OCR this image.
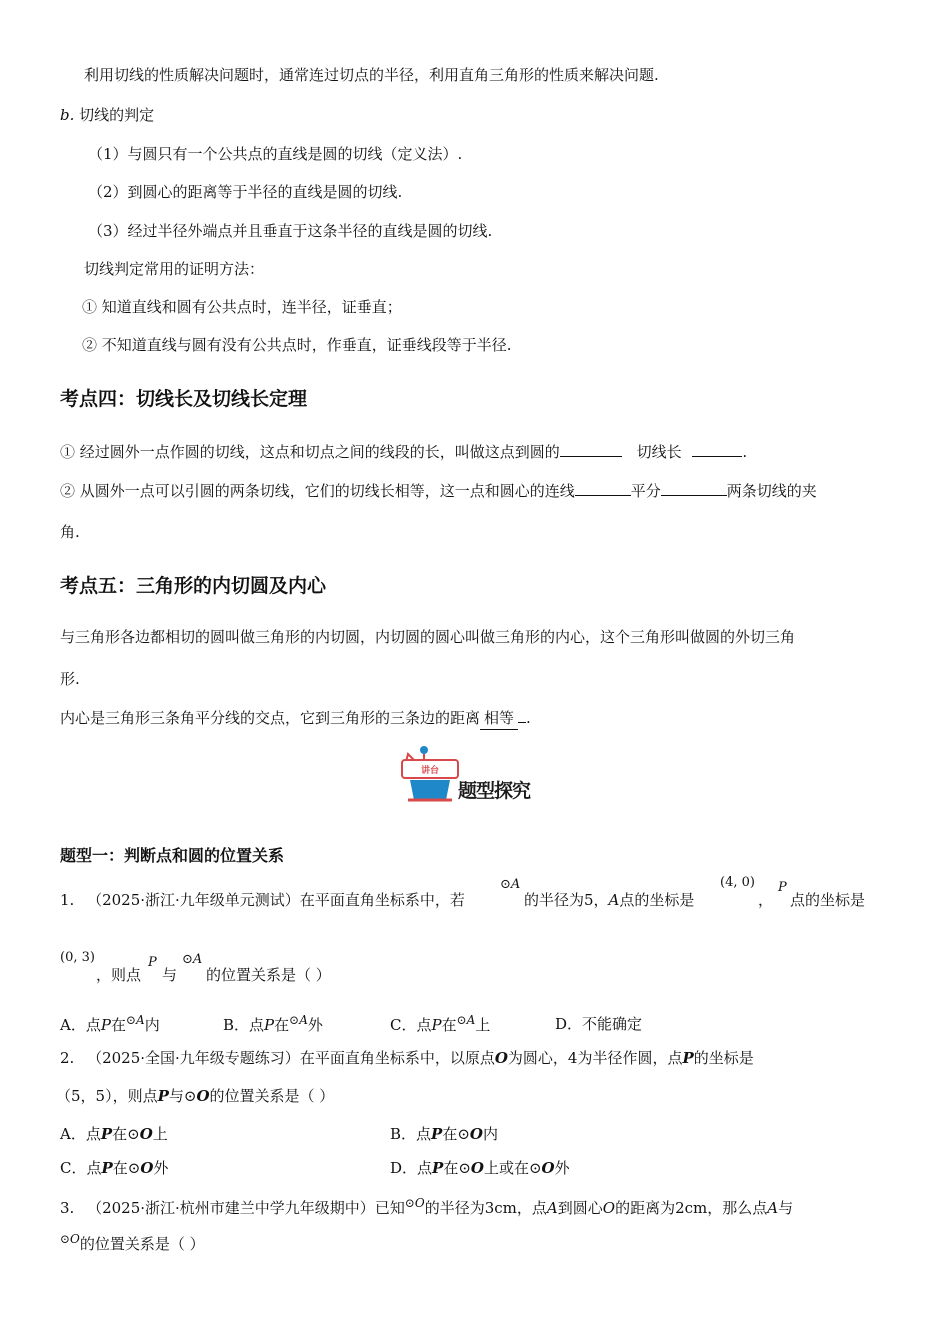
利用切线的性质解决问题时，通常连过切点的半径，利用直角三角形的性质来解决问题.
b. 切线的判定
（1）与圆只有一个公共点的直线是圆的切线（定义法）.
（2）到圆心的距离等于半径的直线是圆的切线.
（3）经过半径外端点并且垂直于这条半径的直线是圆的切线.
切线判定常用的证明方法：
① 知道直线和圆有公共点时，连半径，证垂直；
② 不知道直线与圆有没有公共点时，作垂直，证垂线段等于半径.
考点四：切线长及切线长定理
① 经过圆外一点作圆的切线，这点和切点之间的线段的长，叫做这点到圆的	切线长	.
② 从圆外一点可以引圆的两条切线，它们的切线长相等，这一点和圆心的连线	平分	两条切线的夹
角.
考点五：三角形的内切圆及内心
与三角形各边都相切的圆叫做三角形的内切圆，内切圆的圆心叫做三角形的内心，这个三角形叫做圆的外切三角
形.
内心是三角形三条角平分线的交点，它到三角形的三条边的距离 相等 .
讲台
题型探究
题型一：判断点和圆的位置关系
1. （2025·浙江·九年级单元测试）在平面直角坐标系中，若
⊙A
的半径为5，A点的坐标是
(4, 0)
，
P
点的坐标是
(0, 3)
，则点
P
与
⊙A
的位置关系是（ ）
A．点P在$^{⊙A}$内	B．点P在$^{⊙A}$外	C．点P在$^{⊙A}$上	D．不能确定
2. （2025·全国·九年级专题练习）在平面直角坐标系中，以原点O为圆心，4为半径作圆，点P的坐标是
（5，5），则点P与⊙O的位置关系是（ ）
A．点P在⊙O上	B．点P在⊙O内
C．点P在⊙O外	D．点P在⊙O上或在⊙O外
3. （2025·浙江·杭州市建兰中学九年级期中）已知$^{⊙O}$的半径为3cm，点A到圆心O的距离为2cm，那么点A与
$^{⊙O}$的位置关系是（ ）
